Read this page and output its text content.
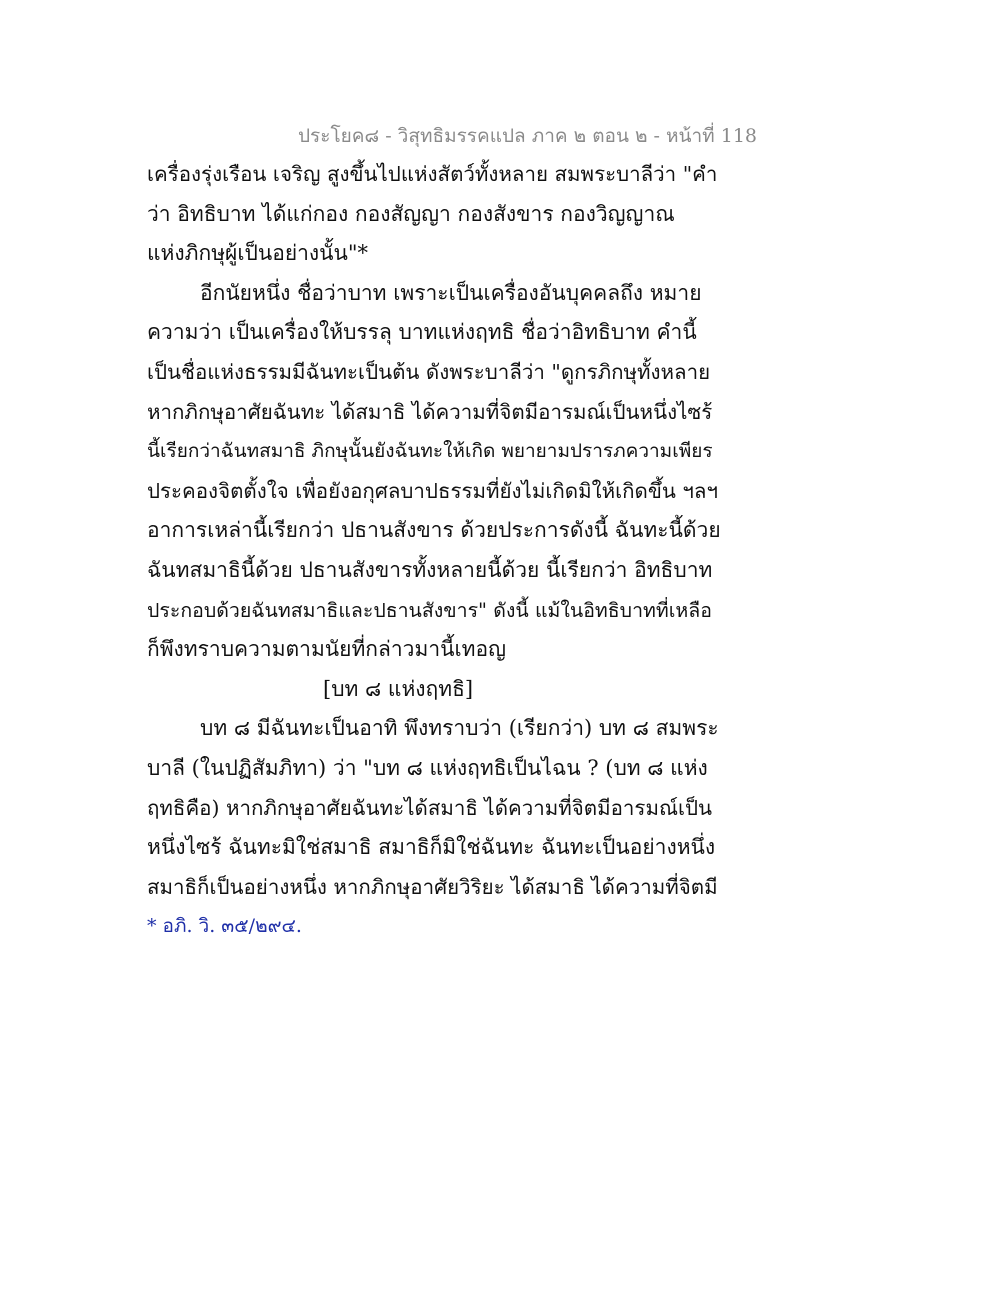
ประโยค๘ - วิสุทธิมรรคแปล ภาค ๒ ตอน ๒ - หน้าที่ 118
เครื่องรุ่งเรือน เจริญ สูงขึ้นไปแห่งสัตว์ทั้งหลาย สมพระบาลีว่า "คำ
ว่า อิทธิบาท ได้แก่กอง กองสัญญา กองสังขาร กองวิญญาณ
แห่งภิกษุผู้เป็นอย่างนั้น"*
อีกนัยหนึ่ง ชื่อว่าบาท เพราะเป็นเครื่องอันบุคคลถึง หมาย
ความว่า เป็นเครื่องให้บรรลุ บาทแห่งฤทธิ ชื่อว่าอิทธิบาท คำนี้
เป็นชื่อแห่งธรรมมีฉันทะเป็นต้น ดังพระบาลีว่า "ดูกรภิกษุทั้งหลาย
หากภิกษุอาศัยฉันทะ ได้สมาธิ ได้ความที่จิตมีอารมณ์เป็นหนึ่งไซร้
นี้เรียกว่าฉันทสมาธิ ภิกษุนั้นยังฉันทะให้เกิด พยายามปรารภความเพียร
ประคองจิตตั้งใจ เพื่อยังอกุศลบาปธรรมที่ยังไม่เกิดมิให้เกิดขึ้น ฯลฯ
อาการเหล่านี้เรียกว่า ปธานสังขาร ด้วยประการดังนี้ ฉันทะนี้ด้วย
ฉันทสมาธินี้ด้วย ปธานสังขารทั้งหลายนี้ด้วย นี้เรียกว่า อิทธิบาท
ประกอบด้วยฉันทสมาธิและปธานสังขาร" ดังนี้ แม้ในอิทธิบาทที่เหลือ
ก็พึงทราบความตามนัยที่กล่าวมานี้เทอญ
[บท ๘ แห่งฤทธิ]
บท ๘ มีฉันทะเป็นอาทิ พึงทราบว่า (เรียกว่า) บท ๘ สมพระ
บาลี (ในปฏิสัมภิทา) ว่า "บท ๘ แห่งฤทธิเป็นไฉน ? (บท ๘ แห่ง
ฤทธิคือ) หากภิกษุอาศัยฉันทะได้สมาธิ ได้ความที่จิตมีอารมณ์เป็น
หนึ่งไซร้ ฉันทะมิใช่สมาธิ สมาธิก็มิใช่ฉันทะ ฉันทะเป็นอย่างหนึ่ง
สมาธิก็เป็นอย่างหนึ่ง หากภิกษุอาศัยวิริยะ ได้สมาธิ ได้ความที่จิตมี
* อภิ. วิ. ๓๕/๒๙๔.
